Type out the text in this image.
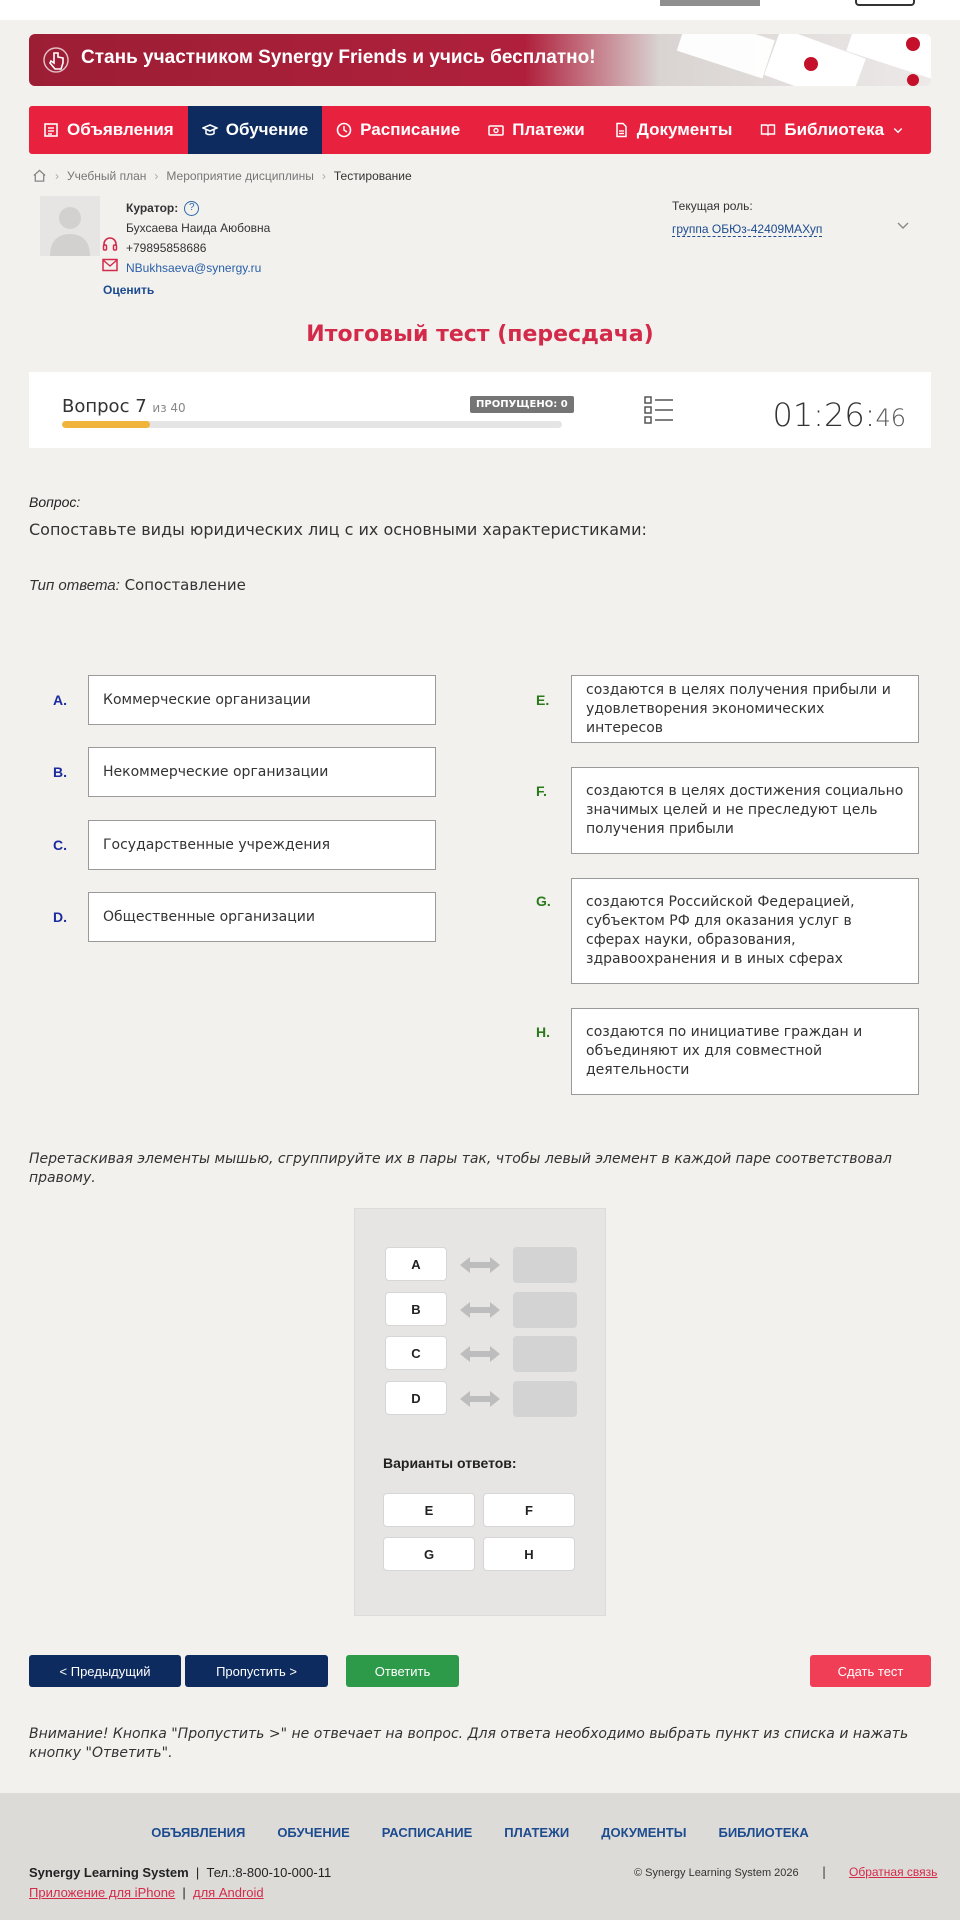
Стань участником Synergy Friends и учись бесплатно!
Объявления	Обучение	Расписание	Платежи	Документы	Библиотека
› Учебный план › Мероприятие дисциплины › Тестирование
Куратор: ?
Бухсаева Наида Аюбовна
+79895858686
NBukhsaeva@synergy.ru
Оценить
Текущая роль:
группа ОБЮз-42409МАХуп
Итоговый тест (пересдача)
Вопрос 7 из 40	ПРОПУЩЕНО: 0	01:26:46
Вопрос:
Сопоставьте виды юридических лиц с их основными характеристиками:
Тип ответа: Сопоставление
A.	Коммерческие организации
B.	Некоммерческие организации
C.	Государственные учреждения
D.	Общественные организации
E.
создаются в целях получения прибыли и удовлетворения экономических интересов
F.	создаются в целях достижения социально значимых целей и не преследуют цель получения прибыли
G.	создаются Российской Федерацией, субъектом РФ для оказания услуг в сферах науки, образования, здравоохранения и в иных сферах
H.	создаются по инициативе граждан и объединяют их для совместной деятельности
Перетаскивая элементы мышью, сгруппируйте их в пары так, чтобы левый элемент в каждой паре соответствовал правому.
A
B
C
D
Варианты ответов:
E	F
G	H
< Предыдущий	Пропустить >	Ответить	Сдать тест
Внимание! Кнопка "Пропустить >" не отвечает на вопрос. Для ответа необходимо выбрать пункт из списка и нажать кнопку "Ответить".
ОБЪЯВЛЕНИЯ ОБУЧЕНИЕ РАСПИСАНИЕ ПЛАТЕЖИ ДОКУМЕНТЫ БИБЛИОТЕКА
Synergy Learning System  |  Тел.:8-800-10-000-11
Приложение для iPhone  |  для Android
© Synergy Learning System 2026 | Обратная связь
